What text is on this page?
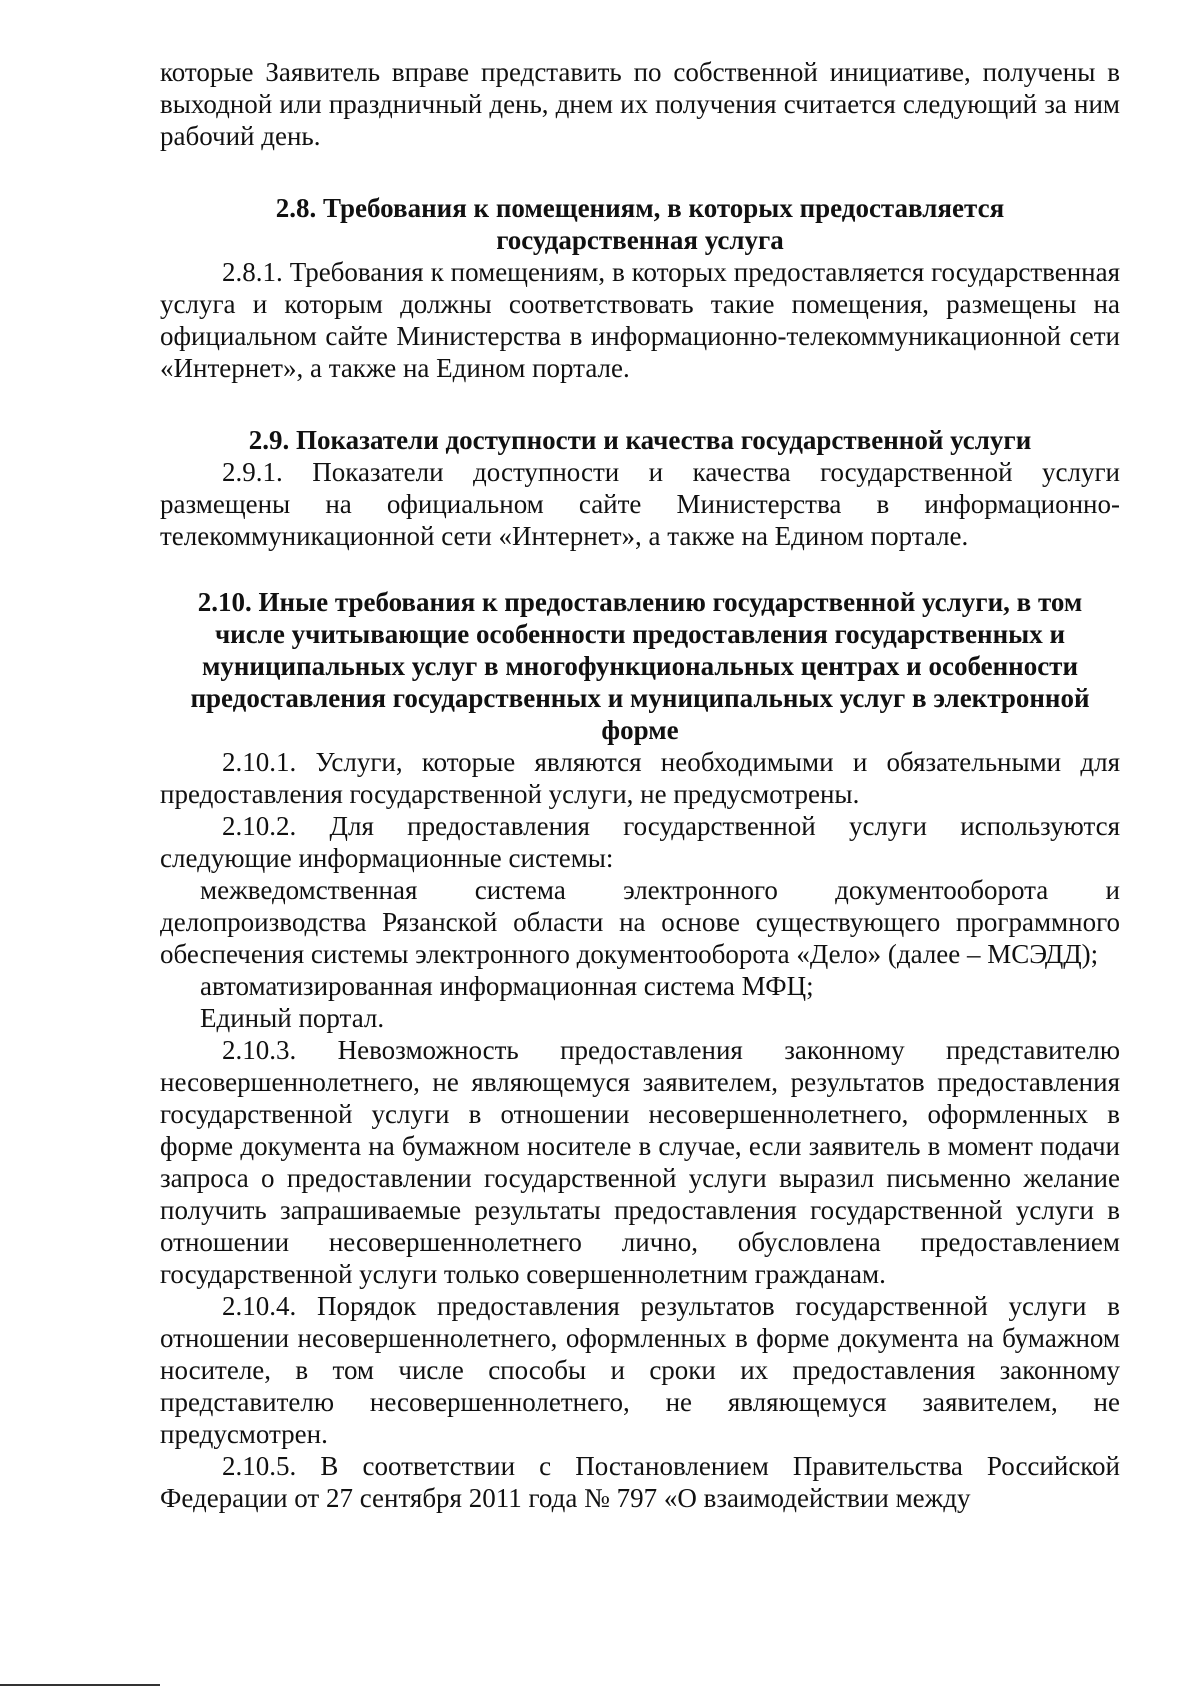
которые Заявитель вправе представить по собственной инициативе, получены в выходной или праздничный день, днем их получения считается следующий за ним рабочий день.

2.8. Требования к помещениям, в которых предоставляется государственная услуга

2.8.1. Требования к помещениям, в которых предоставляется государственная услуга и которым должны соответствовать такие помещения, размещены на официальном сайте Министерства в информационно-телекоммуникационной сети «Интернет», а также на Едином портале.

2.9. Показатели доступности и качества государственной услуги

2.9.1. Показатели доступности и качества государственной услуги размещены на официальном сайте Министерства в информационно-телекоммуникационной сети «Интернет», а также на Едином портале.

2.10. Иные требования к предоставлению государственной услуги, в том числе учитывающие особенности предоставления государственных и муниципальных услуг в многофункциональных центрах и особенности предоставления государственных и муниципальных услуг в электронной форме

2.10.1. Услуги, которые являются необходимыми и обязательными для предоставления государственной услуги, не предусмотрены.

2.10.2. Для предоставления государственной услуги используются следующие информационные системы:

межведомственная система электронного документооборота и делопроизводства Рязанской области на основе существующего программного обеспечения системы электронного документооборота «Дело» (далее – МСЭДД);

автоматизированная информационная система МФЦ;

Единый портал.

2.10.3. Невозможность предоставления законному представителю несовершеннолетнего, не являющемуся заявителем, результатов предоставления государственной услуги в отношении несовершеннолетнего, оформленных в форме документа на бумажном носителе в случае, если заявитель в момент подачи запроса о предоставлении государственной услуги выразил письменно желание получить запрашиваемые результаты предоставления государственной услуги в отношении несовершеннолетнего лично, обусловлена предоставлением государственной услуги только совершеннолетним гражданам.

2.10.4. Порядок предоставления результатов государственной услуги в отношении несовершеннолетнего, оформленных в форме документа на бумажном носителе, в том числе способы и сроки их предоставления законному представителю несовершеннолетнего, не являющемуся заявителем, не предусмотрен.

2.10.5. В соответствии с Постановлением Правительства Российской Федерации от 27 сентября 2011 года № 797 «О взаимодействии между
